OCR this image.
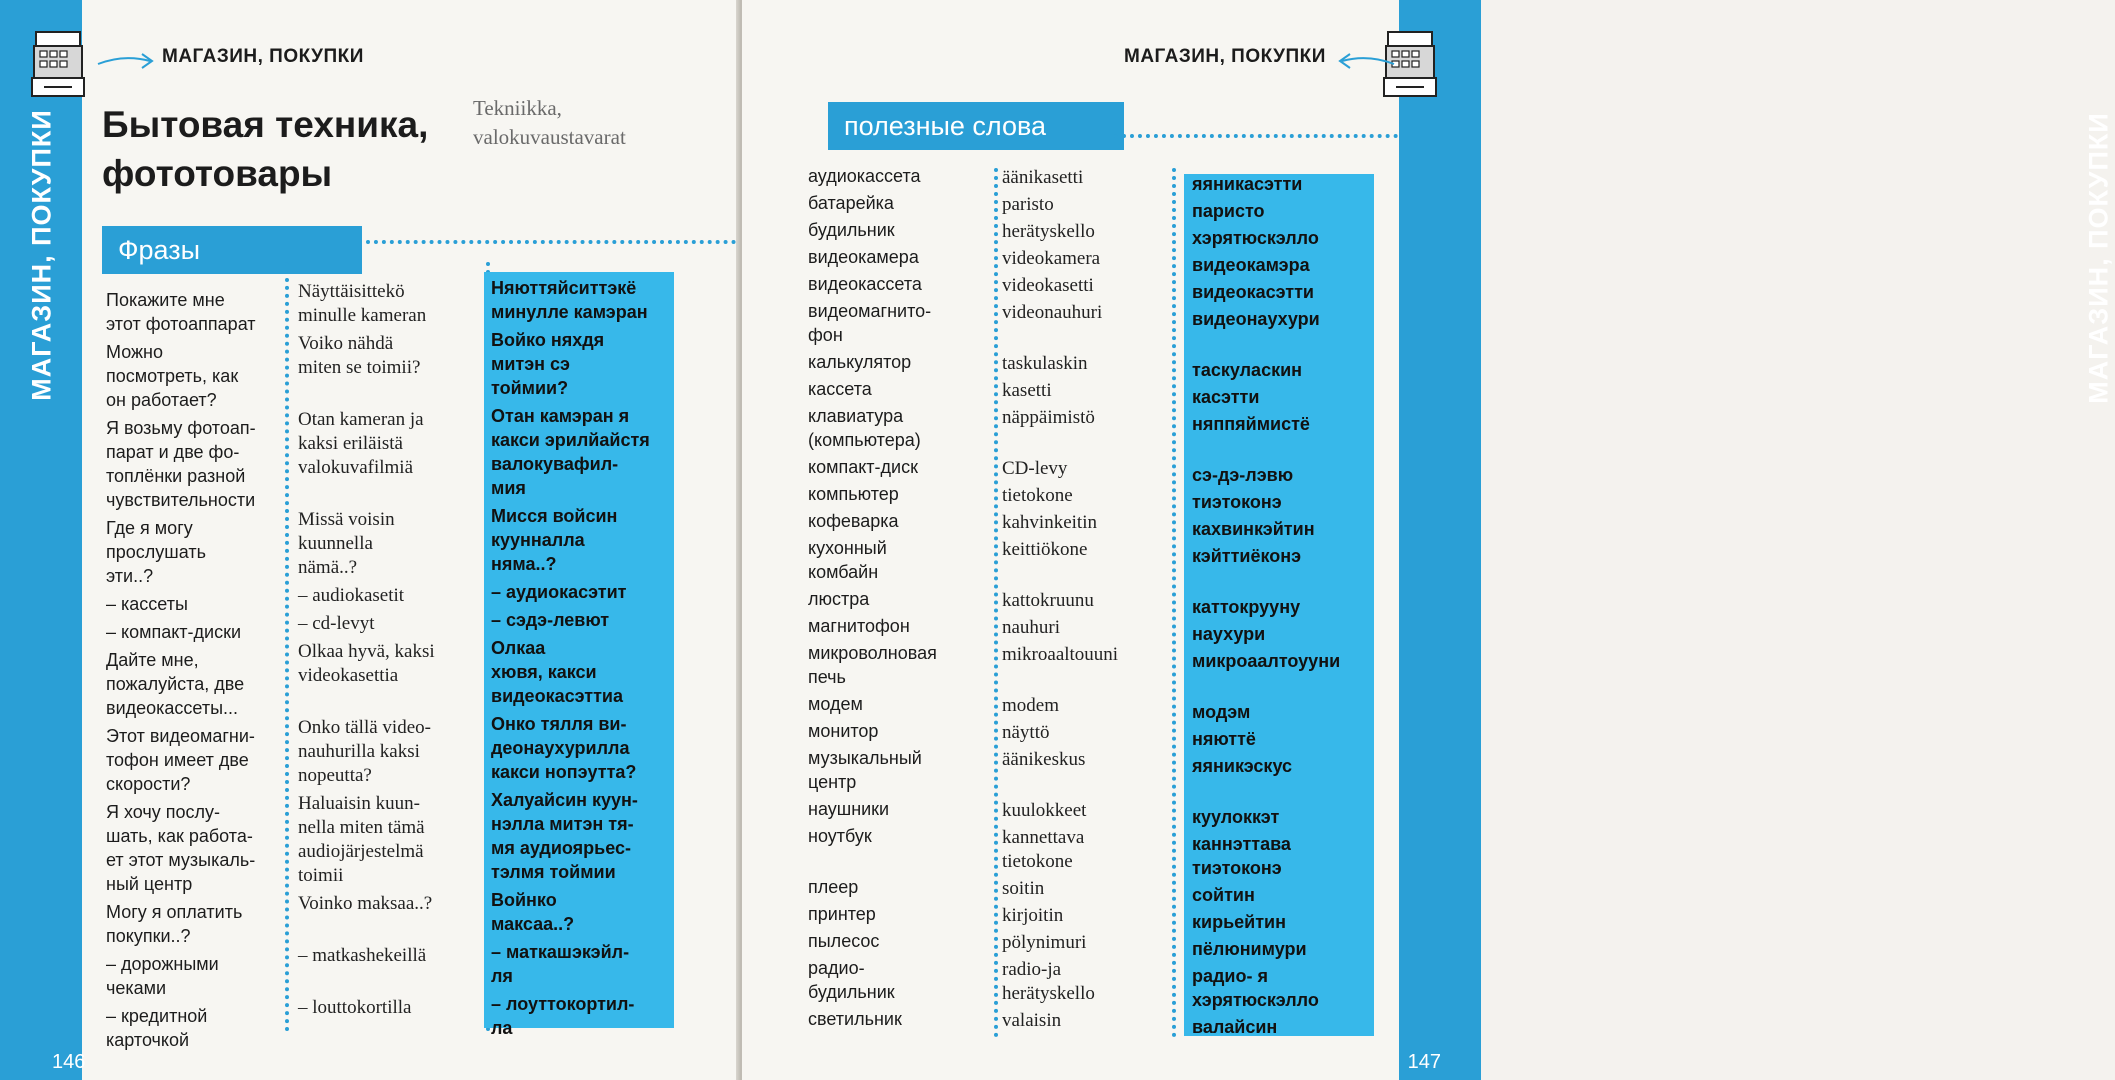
МАГАЗИН, ПОКУПКИ
146
МАГАЗИН, ПОКУПКИ
Бытовая техника,
фототовары
Tekniikka,
valokuvaustavarat
Фразы
Покажите мне
этот фотоаппарат
Можно
посмотреть, как
он работает?
Я возьму фотоап-
парат и две фо-
топлёнки разной
чувствительности
Где я могу
прослушать
эти..?
– кассеты
– компакт-диски
Дайте мне,
пожалуйста, две
видеокассеты...
Этот видеомагни-
тофон имеет две
скорости?
Я хочу послу-
шать, как работа-
ет этот музыкаль-
ный центр
Могу я оплатить
покупки..?
– дорожными
чеками
– кредитной
карточкой
Näyttäisittekö
minulle kameran
Voiko nähdä
miten se toimii?
Otan kameran ja
kaksi eriläistä
valokuvafilmiä
Missä voisin
kuunnella
nämä..?
– audiokasetit
– cd-levyt
Olkaa hyvä, kaksi
videokasettia
Onko tällä video-
nauhurilla kaksi
nopeutta?
Haluaisin kuun-
nella miten tämä
audiojärjestelmä
toimii
Voinko maksaa..?
– matkashekeillä
– louttokortilla
Няюттяйситтэкё
минулле камэран
Войко няхдя
митэн сэ
тоймии?
Отан камэран я
какси эрилйайстя
валокувафил-
мия
Мисся войсин
куунналла
няма..?
– аудиокасэтит
– сэдэ-левют
Олкаа
хювя, какси
видеокасэттиа
Онко тялля ви-
деонаухурилла
какси нопэутта?
Халуайсин куун-
нэлла митэн тя-
мя аудиоярьес-
тэлмя тоймии
Войнко
максаа..?
– маткашэкэйл-
ля
– лоуттокортил-
ла
МАГАЗИН, ПОКУПКИ
147
МАГАЗИН, ПОКУПКИ
полезные слова
аудиокассета
батарейка
будильник
видеокамера
видеокассета
видеомагнито-
фон
калькулятор
кассета
клавиатура
(компьютера)
компакт-диск
компьютер
кофеварка
кухонный
комбайн
люстра
магнитофон
микроволновая
печь
модем
монитор
музыкальный
центр
наушники
ноутбук
плеер
принтер
пылесос
радио-
будильник
светильник
äänikasetti
paristo
herätyskello
videokamera
videokasetti
videonauhuri
taskulaskin
kasetti
näppäimistö
CD-levy
tietokone
kahvinkeitin
keittiökone
kattokruunu
nauhuri
mikroaaltouuni
modem
näyttö
äänikeskus
kuulokkeet
kannettava
tietokone
soitin
kirjoitin
pölynimuri
radio-ja
herätyskello
valaisin
яяникасэтти
паристо
хэрятюскэлло
видеокамэра
видеокасэтти
видеонаухури
таскуласкин
касэтти
няппяймистё
сэ-дэ-лэвю
тиэтоконэ
кахвинкэйтин
кэйттиёконэ
каттокрууну
наухури
микроаалтоууни
модэм
няюттё
яяникэскус
куулоккэт
каннэттава
тиэтоконэ
сойтин
кирьейтин
пёлюнимури
радио- я
хэрятюскэлло
валайсин
